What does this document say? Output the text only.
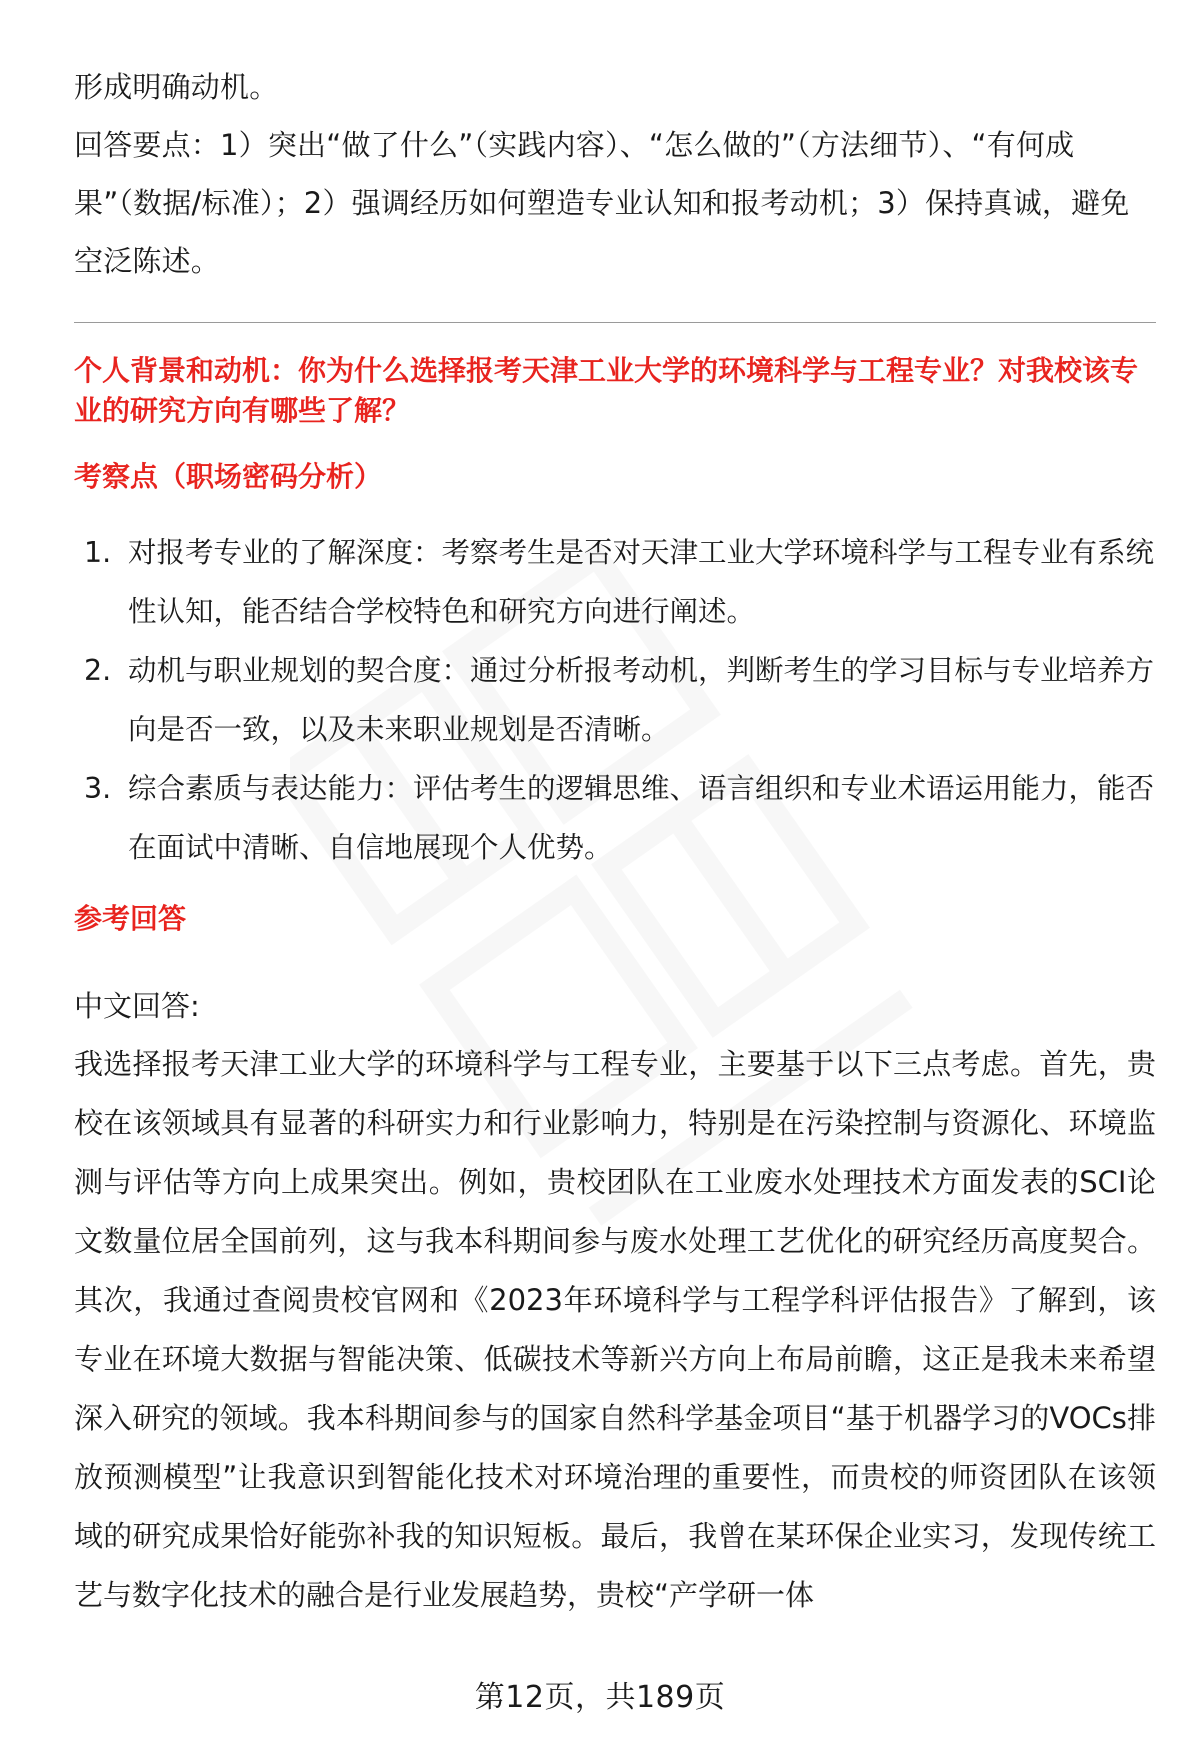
形成明确动机。

回答要点：1）突出“做了什么”（实践内容）、“怎么做的”（方法细节）、“有何成果”（数据/标准）；2）强调经历如何塑造专业认知和报考动机；3）保持真诚，避免空泛陈述。

个人背景和动机：你为什么选择报考天津工业大学的环境科学与工程专业？对我校该专业的研究方向有哪些了解？

考察点（职场密码分析）

1. 对报考专业的了解深度：考察考生是否对天津工业大学环境科学与工程专业有系统性认知，能否结合学校特色和研究方向进行阐述。
2. 动机与职业规划的契合度：通过分析报考动机，判断考生的学习目标与专业培养方向是否一致，以及未来职业规划是否清晰。
3. 综合素质与表达能力：评估考生的逻辑思维、语言组织和专业术语运用能力，能否在面试中清晰、自信地展现个人优势。

参考回答

中文回答:

我选择报考天津工业大学的环境科学与工程专业，主要基于以下三点考虑。首先，贵校在该领域具有显著的科研实力和行业影响力，特别是在污染控制与资源化、环境监测与评估等方向上成果突出。例如，贵校团队在工业废水处理技术方面发表的SCI论文数量位居全国前列，这与我本科期间参与废水处理工艺优化的研究经历高度契合。其次，我通过查阅贵校官网和《2023年环境科学与工程学科评估报告》了解到，该专业在环境大数据与智能决策、低碳技术等新兴方向上布局前瞻，这正是我未来希望深入研究的领域。我本科期间参与的国家自然科学基金项目“基于机器学习的VOCs排放预测模型”让我意识到智能化技术对环境治理的重要性，而贵校的师资团队在该领域的研究成果恰好能弥补我的知识短板。最后，我曾在某环保企业实习，发现传统工艺与数字化技术的融合是行业发展趋势，贵校“产学研一体

第12页，共189页
